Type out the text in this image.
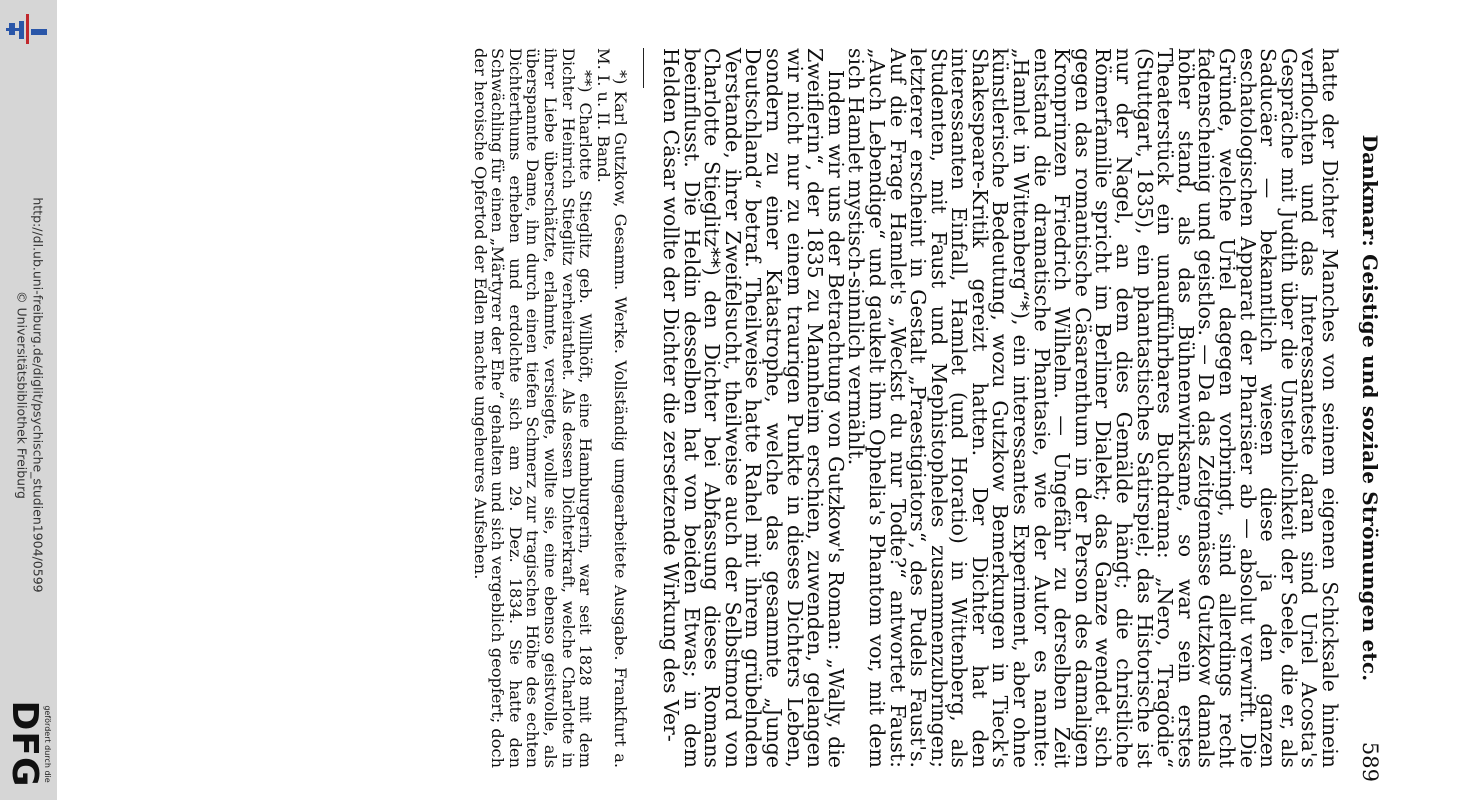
http://dl.ub.uni-freiburg.de/diglit/psychische_studien1904/0599
© Universitätsbibliothek Freiburg
gefördert durch die
DFG
Dankmar: Geistige und soziale Strömungen etc.
589

hatte der Dichter Manches von seinem eigenen Schicksale hinein verflochten und das Interessanteste daran sind Uriel Acosta's Gespräche mit Judith über die Unsterblichkeit der Seele, die er, als Saducäer — bekanntlich wiesen diese ja den ganzen eschatologischen Apparat der Pharisäer ab — absolut verwirft. Die Gründe, welche Uriel dagegen vorbringt, sind allerdings recht fadenscheinig und geistlos. — Da das Zeitgemässe Gutzkow damals höher stand, als das Bühnenwirksame, so war sein erstes Theaterstück ein unaufführbares Buchdrama: „Nero, Tragödie“ (Stuttgart, 1835), ein phantastisches Satirspiel; das Historische ist nur der Nagel, an dem dies Gemälde hängt; die christliche Römerfamilie spricht im Berliner Dialekt; das Ganze wendet sich gegen das romantische Cäsarenthum in der Person des damaligen Kronprinzen Friedrich Wilhelm. — Ungefähr zu derselben Zeit entstand die dramatische Phantasie, wie der Autor es nannte: „Hamlet in Wittenberg“*), ein interessantes Experiment, aber ohne künstlerische Bedeutung, wozu Gutzkow Bemerkungen in Tieck's Shakespeare-Kritik gereizt hatten. Der Dichter hat den interessanten Einfall, Hamlet (und Horatio) in Wittenberg, als Studenten, mit Faust und Mephistopheles zusammenzubringen; letzterer erscheint in Gestalt „Praestigiators“, des Pudels Faust's. Auf die Frage Hamlet's „Weckst du nur Todte?“ antwortet Faust: „Auch Lebendige“ und gaukelt ihm Ophelia's Phantom vor, mit dem sich Hamlet mystisch-sinnlich vermählt.

Indem wir uns der Betrachtung von Gutzkow's Roman: „Wally, die Zweiflerin“, der 1835 zu Mannheim erschien, zuwenden, gelangen wir nicht nur zu einem traurigen Punkte in dieses Dichters Leben, sondern zu einer Katastrophe, welche das gesammte „Junge Deutschland“ betraf. Theilweise hatte Rahel mit ihrem grübelnden Verstande, ihrer Zweifelsucht, theilweise auch der Selbstmord von Charlotte Stieglitz**) den Dichter bei Abfassung dieses Romans beeinflusst. Die Heldin desselben hat von beiden Etwas; in dem Helden Cäsar wollte der Dichter die zersetzende Wirkung des Ver-

*) Karl Gutzkow, Gesamm. Werke. Vollständig umgearbeitete Ausgabe. Frankfurt a. M. I. u. II. Band.

**) Charlotte Stieglitz geb. Willhöft, eine Hamburgerin, war seit 1828 mit dem Dichter Heinrich Stieglitz verheirathet. Als dessen Dichterkraft, welche Charlotte in ihrer Liebe überschätzte, erlahmte, versiegte, wollte sie, eine ebenso geistvolle, als überspannte Dame, ihn durch einen tiefen Schmerz zur tragischen Höhe des echten Dichterthums erheben und erdolchte sich am 29. Dez. 1834. Sie hatte den Schwächling für einen „Märtyrer der Ehe“ gehalten und sich vergeblich geopfert; doch der heroische Opfertod der Edlen machte ungeheures Aufsehen.
